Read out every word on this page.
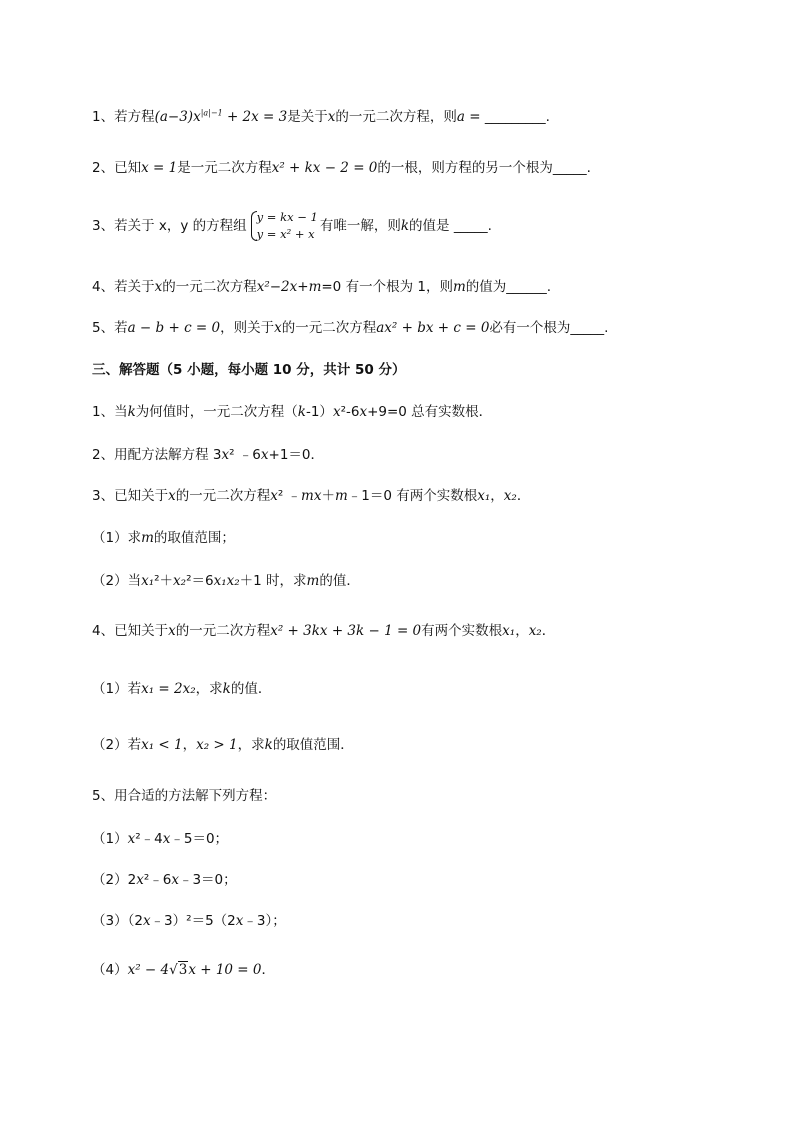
1、若方程$(a-3)x^{|a|-1} + 2x = 3$是关于x的一元二次方程，则a = _________.
2、已知x = 1是一元二次方程x² + kx − 2 = 0的一根，则方程的另一个根为_____.
3、若关于 x，y 的方程组
y = kx − 1
y = x² + x 有唯一解，则k的值是 _____.
4、若关于x的一元二次方程x²−2x+m=0 有一个根为 1，则m的值为______.
5、若a − b + c = 0，则关于x的一元二次方程ax² + bx + c = 0必有一个根为_____.
三、解答题（5 小题，每小题 10 分，共计 50 分）
1、当k为何值时，一元二次方程（k-1）x²-6x+9=0 总有实数根．
2、用配方法解方程 3x² ﹣6x+1＝0．
3、已知关于x的一元二次方程x² ﹣mx＋m﹣1＝0 有两个实数根x₁，x₂．
（1）求m的取值范围；
（2）当x₁²＋x₂²＝6x₁x₂＋1 时，求m的值．
4、已知关于x的一元二次方程x² + 3kx + 3k − 1 = 0有两个实数根x₁，x₂．
（1）若x₁ = 2x₂，求k的值．
（2）若x₁ < 1，x₂ > 1，求k的取值范围．
5、用合适的方法解下列方程：
（1）x²﹣4x﹣5＝0；
（2）2x²﹣6x﹣3＝0；
（3）（2x﹣3）²＝5（2x﹣3）；
（4）x² − 4√3x + 10 = 0．
